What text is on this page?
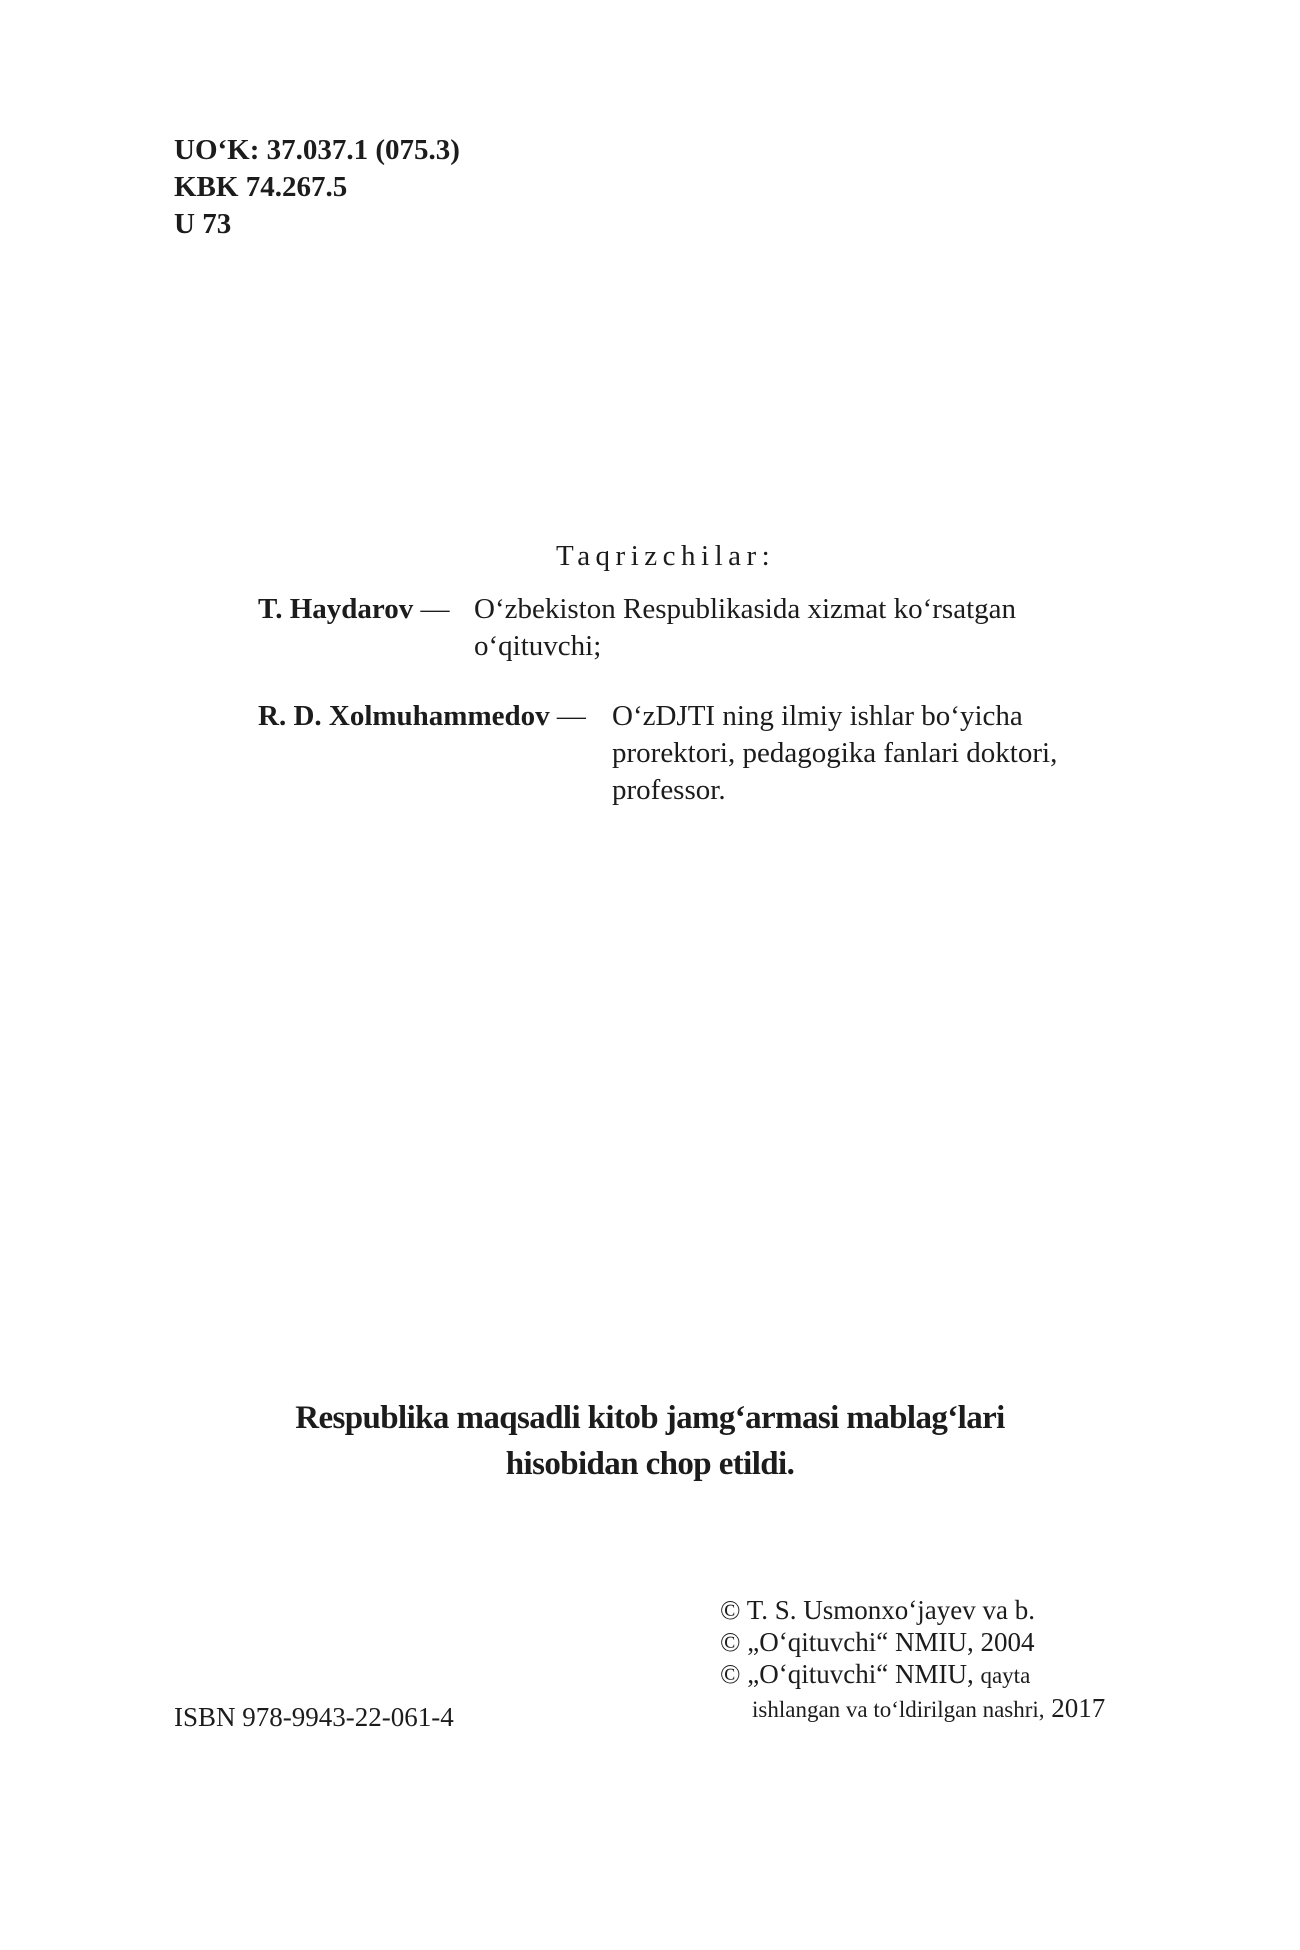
UO‘K: 37.037.1 (075.3)
KBK 74.267.5
U 73
Taqrizchilar:
T. Haydarov — O‘zbekiston Respublikasida xizmat ko‘rsatgan
o‘qituvchi;
R. D. Xolmuhammedov — O‘zDJTI ning ilmiy ishlar bo‘yicha
prorektori, pedagogika fanlari doktori,
professor.
Respublika maqsadli kitob jamg‘armasi mablag‘lari
hisobidan chop etildi.
© T. S. Usmonxo‘jayev va b.
© „O‘qituvchi“ NMIU, 2004
© „O‘qituvchi“ NMIU, qayta
ishlangan va to‘ldirilgan nashri, 2017
ISBN 978-9943-22-061-4
